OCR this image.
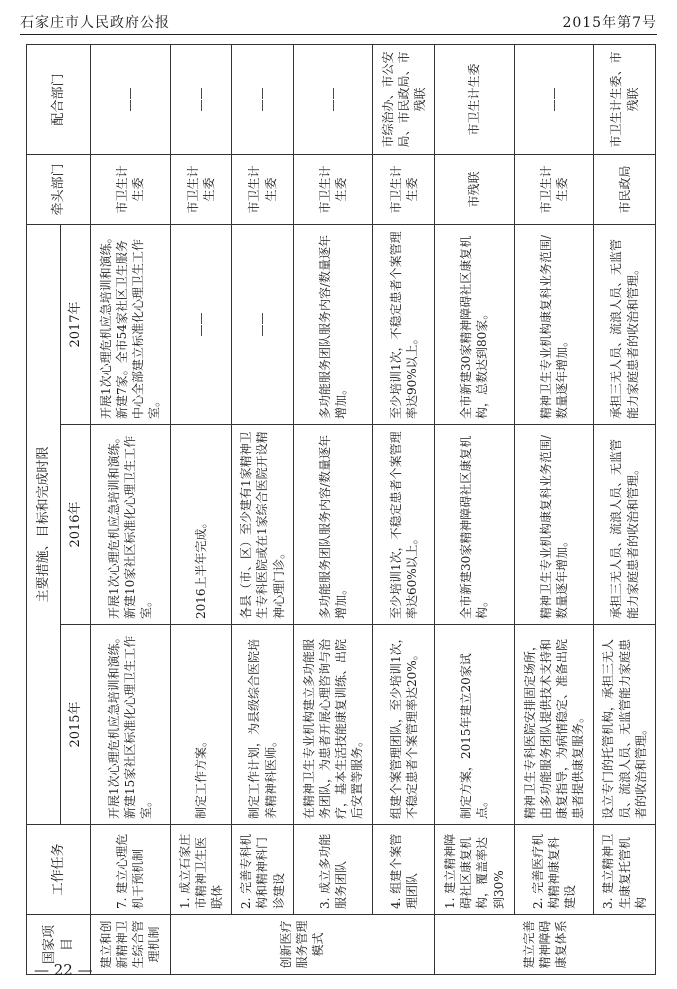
石家庄市人民政府公报	2015年第7号
国家项目	工作任务	主要措施、目标和完成时限			牵头部门	配合部门
		2015年	2016年	2017年		
建立和创新精神卫生综合管理机制	7. 建立心理危机干预机制	开展1次心理危机应急培训和演练。新建15家社区标准化心理卫生工作室。	开展1次心理危机应急培训和演练。新建10家社区标准化心理卫生工作室。	开展1次心理危机应急培训和演练。新建7家。全市54家社区卫生服务中心全部建立标准化心理卫生工作室。	市卫生计生委	——
创新医疗服务管理模式	1. 成立石家庄市精神卫生医联体	制定工作方案。	2016上半年完成。	——	市卫生计生委	——
	2. 完善专科机构和精神科门诊建设	制定工作计划，为县级综合医院培养精神科医师。	各县（市、区）至少建有1家精神卫生专科医院或在1家综合医院开设精神心理门诊。	——	市卫生计生委	——
	3. 成立多功能服务团队	在精神卫生专业机构建立多功能服务团队，为患者开展心理咨询与治疗，基本生活技能康复训练、出院后安置等服务。	多功能服务团队服务内容/数量逐年增加。	多功能服务团队服务内容/数量逐年增加。	市卫生计生委	——
	4. 组建个案管理团队	组建个案管理团队，至少培训1次，不稳定患者个案管理率达20%。	至少培训1次，不稳定患者个案管理率达60%以上。	至少培训1次，不稳定患者个案管理率达90%以上。	市卫生计生委	市综治办、市公安局、市民政局、市残联
建立完善精神障碍康复体系	1. 建立精神障碍社区康复机构，覆盖率达到30%	制定方案，2015年建立20家试点。	全市新建30家精神障碍社区康复机构。	全市新建30家精神障碍社区康复机构，总数达到80家。	市残联	市卫生计生委
	2. 完善医疗机构精神康复科建设	精神卫生专科医院安排固定场所，由多功能服务团队提供技术支持和康复指导，为病情稳定、准备出院患者提供康复服务。	精神卫生专业机构康复科业务范围/数量逐年增加。	精神卫生专业机构康复科业务范围/数量逐年增加。	市卫生计生委	——
	3. 建立精神卫生康复托管机构	设立专门的托管机构，承担三无人员、流浪人员、无监管能力家庭患者的收治和管理。	承担三无人员、流浪人员、无监管能力家庭患者的收治和管理。	承担三无人员、流浪人员、无监管能力家庭患者的收治和管理。	市民政局	市卫生计生委、市残联
— 22 —
